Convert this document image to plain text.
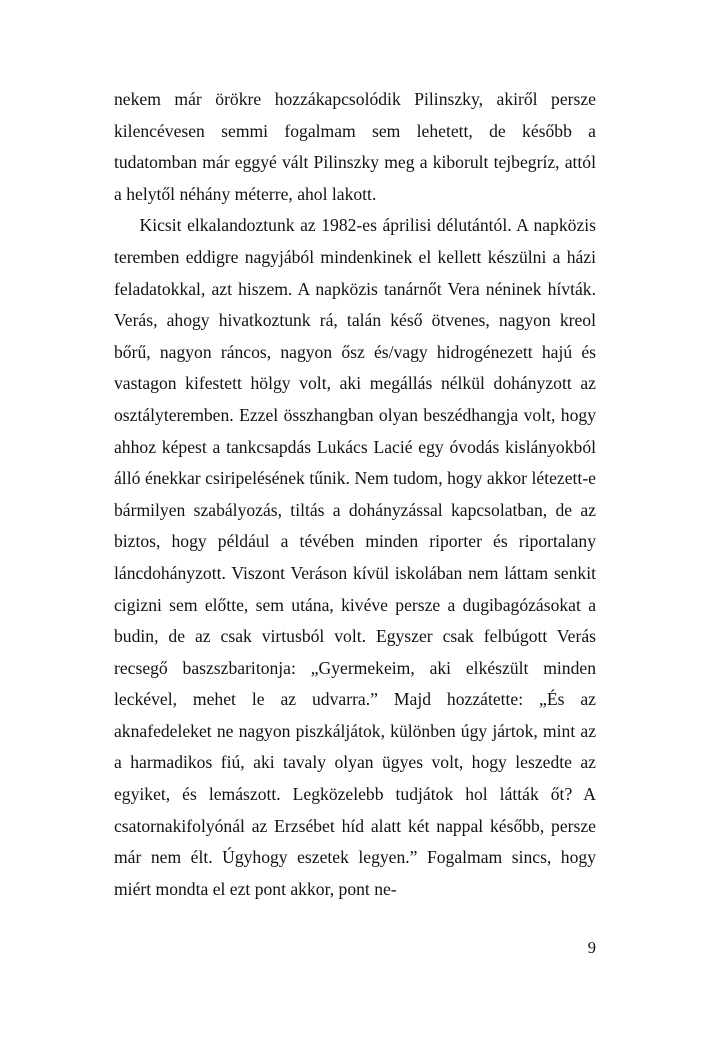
nekem már örökre hozzákapcsolódik Pilinszky, akiről persze kilencévesen semmi fogalmam sem lehetett, de később a tudatomban már eggyé vált Pilinszky meg a kiborult tejbegríz, attól a helytől néhány méterre, ahol lakott.

Kicsit elkalandoztunk az 1982-es áprilisi délutántól. A napközis teremben eddigre nagyjából mindenkinek el kellett készülni a házi feladatokkal, azt hiszem. A napközis tanárnőt Vera néninek hívták. Verás, ahogy hivatkoztunk rá, talán késő ötvenes, nagyon kreol bőrű, nagyon ráncos, nagyon ősz és/vagy hidrogénezett hajú és vastagon kifestett hölgy volt, aki megállás nélkül dohányzott az osztályteremben. Ezzel összhangban olyan beszédhangja volt, hogy ahhoz képest a tankcsapdás Lukács Lacié egy óvodás kislányokból álló énekkar csiripelésének tűnik. Nem tudom, hogy akkor létezett-e bármilyen szabályozás, tiltás a dohányzással kapcsolatban, de az biztos, hogy például a tévében minden riporter és riportalany láncdohányzott. Viszont Veráson kívül iskolában nem láttam senkit cigizni sem előtte, sem utána, kivéve persze a dugibagózásokat a budin, de az csak virtusból volt. Egyszer csak felbúgott Verás recsegő baszszbaritonja: „Gyermekeim, aki elkészült minden leckével, mehet le az udvarra.” Majd hozzátette: „És az aknafedeleket ne nagyon piszkáljátok, különben úgy jártok, mint az a harmadikos fiú, aki tavaly olyan ügyes volt, hogy leszedte az egyiket, és lemászott. Legközelebb tudjátok hol látták őt? A csatornakifolyónál az Erzsébet híd alatt két nappal később, persze már nem élt. Úgyhogy eszetek legyen.” Fogalmam sincs, hogy miért mondta el ezt pont akkor, pont ne-

9
